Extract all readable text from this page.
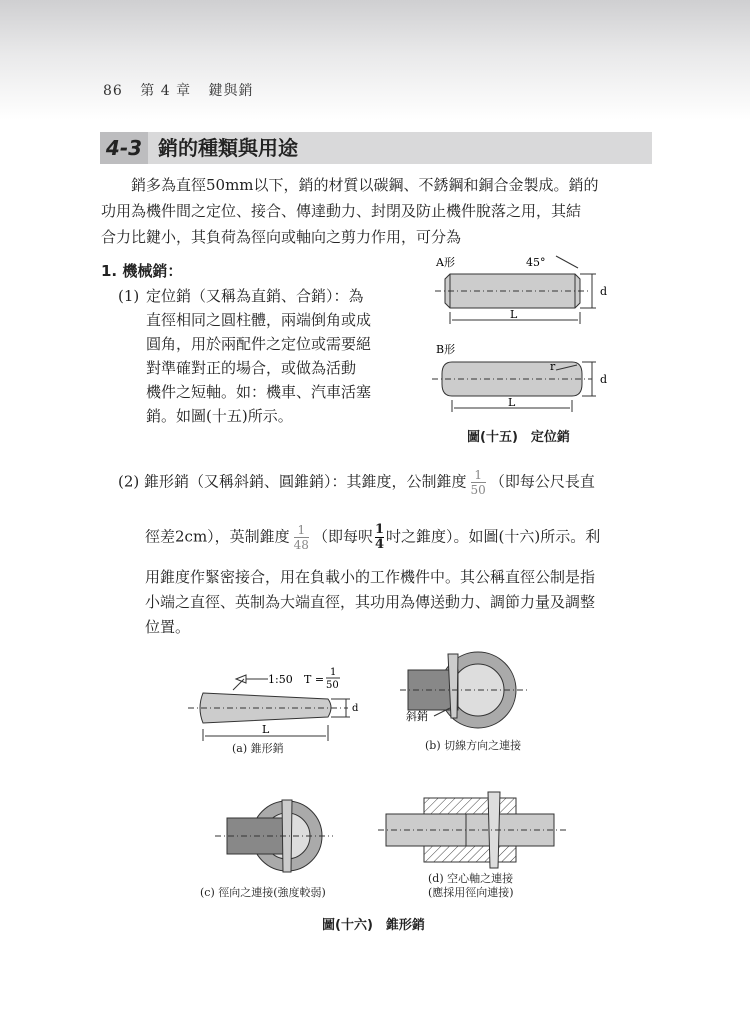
86 第 4 章 鍵與銷
4-3 銷的種類與用途

銷多為直徑50mm以下，銷的材質以碳鋼、不銹鋼和銅合金製成。銷的

功用為機件間之定位、接合、傳達動力、封閉及防止機件脫落之用，其結

合力比鍵小，其負荷為徑向或軸向之剪力作用，可分為

1. 機械銷：
(1) 定位銷（又稱為直銷、合銷）：為
直徑相同之圓柱體，兩端倒角或成
圓角，用於兩配件之定位或需要絕
對準確對正的場合，或做為活動
機件之短軸。如：機車、汽車活塞
銷。如圖(十五)所示。
A形	45°
d
L
B形
r
d
L
圖(十五)　定位銷
(2) 錐形銷（又稱斜銷、圓錐銷）：其錐度，公制錐度 $\frac{1}{50}$ （即每公尺長直
徑差2cm），英制錐度 $\frac{1}{48}$ （即每呎 $\frac{1}{4}$ 吋之錐度）。如圖(十六)所示。利
用錐度作緊密接合，用在負載小的工作機件中。其公稱直徑公制是指
小端之直徑、英制為大端直徑，其功用為傳送動力、調節力量及調整
位置。
1:50 T =
1
50
d
L
(a) 錐形銷
斜銷
(b) 切線方向之連接
(c) 徑向之連接(強度較弱)
(d) 空心軸之連接
(應採用徑向連接)
圖(十六)　錐形銷
